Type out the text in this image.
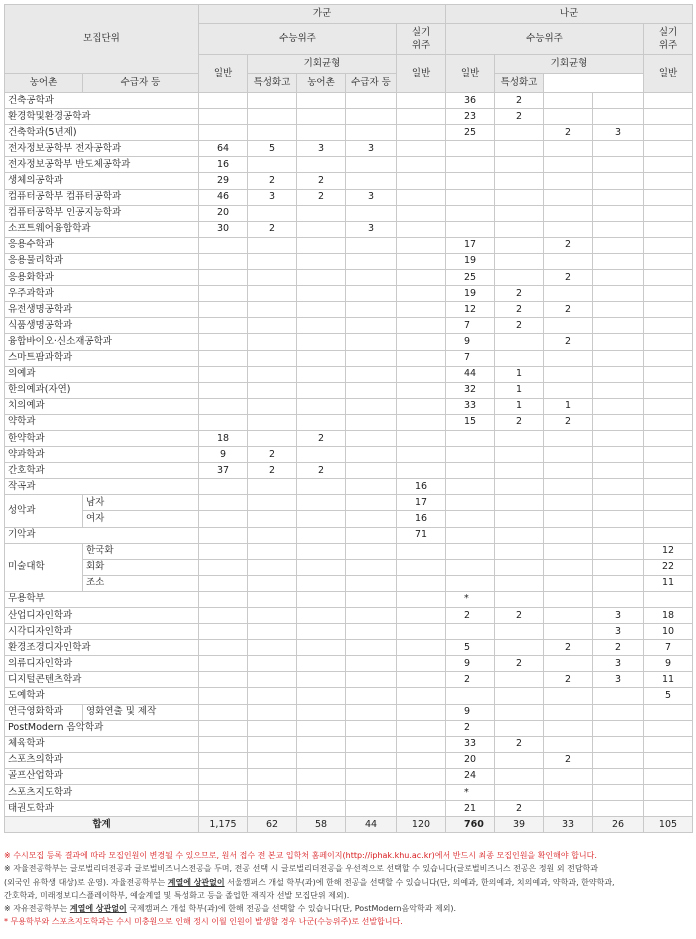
모집단위		가군					나군				
		수능위주				실기
위주	수능위주				실기
위주
		일반	기회균형			일반	일반	기회균형			일반
농어촌	수급자 등		특성화고	농어촌	수급자 등			특성화고			
건축공학과							36	2			
환경학및환경공학과							23	2			
건축학과(5년제)							25		2	3	
전자정보공학부 전자공학과		64	5	3	3						
전자정보공학부 반도체공학과		16									
생체의공학과		29	2	2							
컴퓨터공학부 컴퓨터공학과		46	3	2	3						
컴퓨터공학부 인공지능학과		20									
소프트웨어융합학과		30	2		3						
응용수학과							17		2		
응용물리학과							19				
응용화학과							25		2		
우주과학과							19	2			
유전생명공학과							12	2	2		
식품생명공학과							7	2			
융합바이오·신소재공학과							9		2		
스마트팜과학과							7				
의예과							44	1			
한의예과(자연)							32	1			
치의예과							33	1	1		
약학과							15	2	2		
한약학과		18		2							
약과학과		9	2								
간호학과		37	2	2							
작곡과						16					
성악과	남자					17					
	여자					16					
기악과						71					
미술대학	한국화										12
	회화										22
	조소										11
무용학부							*				
산업디자인학과							2	2		3	18
시각디자인학과										3	10
환경조경디자인학과							5		2	2	7
의류디자인학과							9	2		3	9
디지털콘텐츠학과							2		2	3	11
도예학과											5
연극영화학과	영화연출 및 제작						9				
PostModern 음악학과							2				
체육학과							33	2			
스포츠의학과							20		2		
골프산업학과							24				
스포츠지도학과							*				
태권도학과							21	2			
합계		1,175	62	58	44	120	760	39	33	26	105

※ 수시모집 등록 결과에 따라 모집인원이 변경될 수 있으므로, 원서 접수 전 본교 입학처 홈페이지(http://iphak.khu.ac.kr)에서 반드시 최종 모집인원을 확인해야 합니다.

※ 자율전공학부는 글로벌리더전공과 글로벌비즈니스전공을 두며, 전공 선택 시 글로벌리더전공을 우선적으로 선택할 수 있습니다(글로벌비즈니스 전공은 정원 외 전담학과

(외국인 유학생 대상)로 운영). 자율전공학부는 계열에 상관없이 서울캠퍼스 개설 학부(과)에 한해 전공을 선택할 수 있습니다(단, 의예과, 한의예과, 치의예과, 약학과, 한약학과,

간호학과, 미래정보디스플레이학부, 예술계열 및 특성화고 등을 졸업한 재직자 선발 모집단위 제외).

※ 자유전공학부는 계열에 상관없이 국제캠퍼스 개설 학부(과)에 한해 전공을 선택할 수 있습니다(단, PostModern음악학과 제외).

* 무용학부와 스포츠지도학과는 수시 미충원으로 인해 정시 이월 인원이 발생할 경우 나군(수능위주)로 선발합니다.
